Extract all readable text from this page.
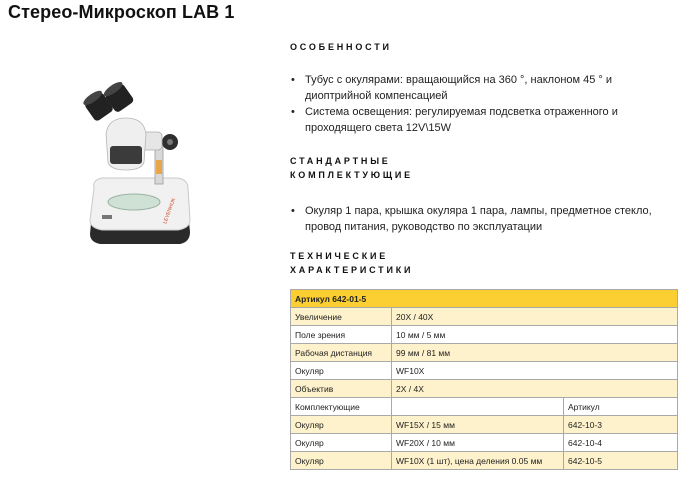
Стерео-Микроскоп LAB 1
LEVENHUK
ОСОБЕННОСТИ
• Тубус с окулярами: вращающийся на 360 °, наклоном 45 ° и диоптрийной компенсацией
• Система освещения: регулируемая подсветка отраженного и проходящего света 12V\15W
СТАНДАРТНЫЕ
КОМПЛЕКТУЮЩИЕ
• Окуляр 1 пара, крышка окуляра 1 пара, лампы, предметное стекло, провод питания, руководство по эксплуатации
ТЕХНИЧЕСКИЕ
ХАРАКТЕРИСТИКИ
Артикул 642-01-5		
Увеличение	20X / 40X	
Поле зрения	10 мм / 5 мм	
Рабочая дистанция	99 мм / 81 мм	
Окуляр	WF10X	
Объектив	2X / 4X	
Комплектующие		Артикул
Окуляр	WF15X / 15 мм	642-10-3
Окуляр	WF20X / 10 мм	642-10-4
Окуляр	WF10X (1 шт), цена деления 0.05 мм	642-10-5
